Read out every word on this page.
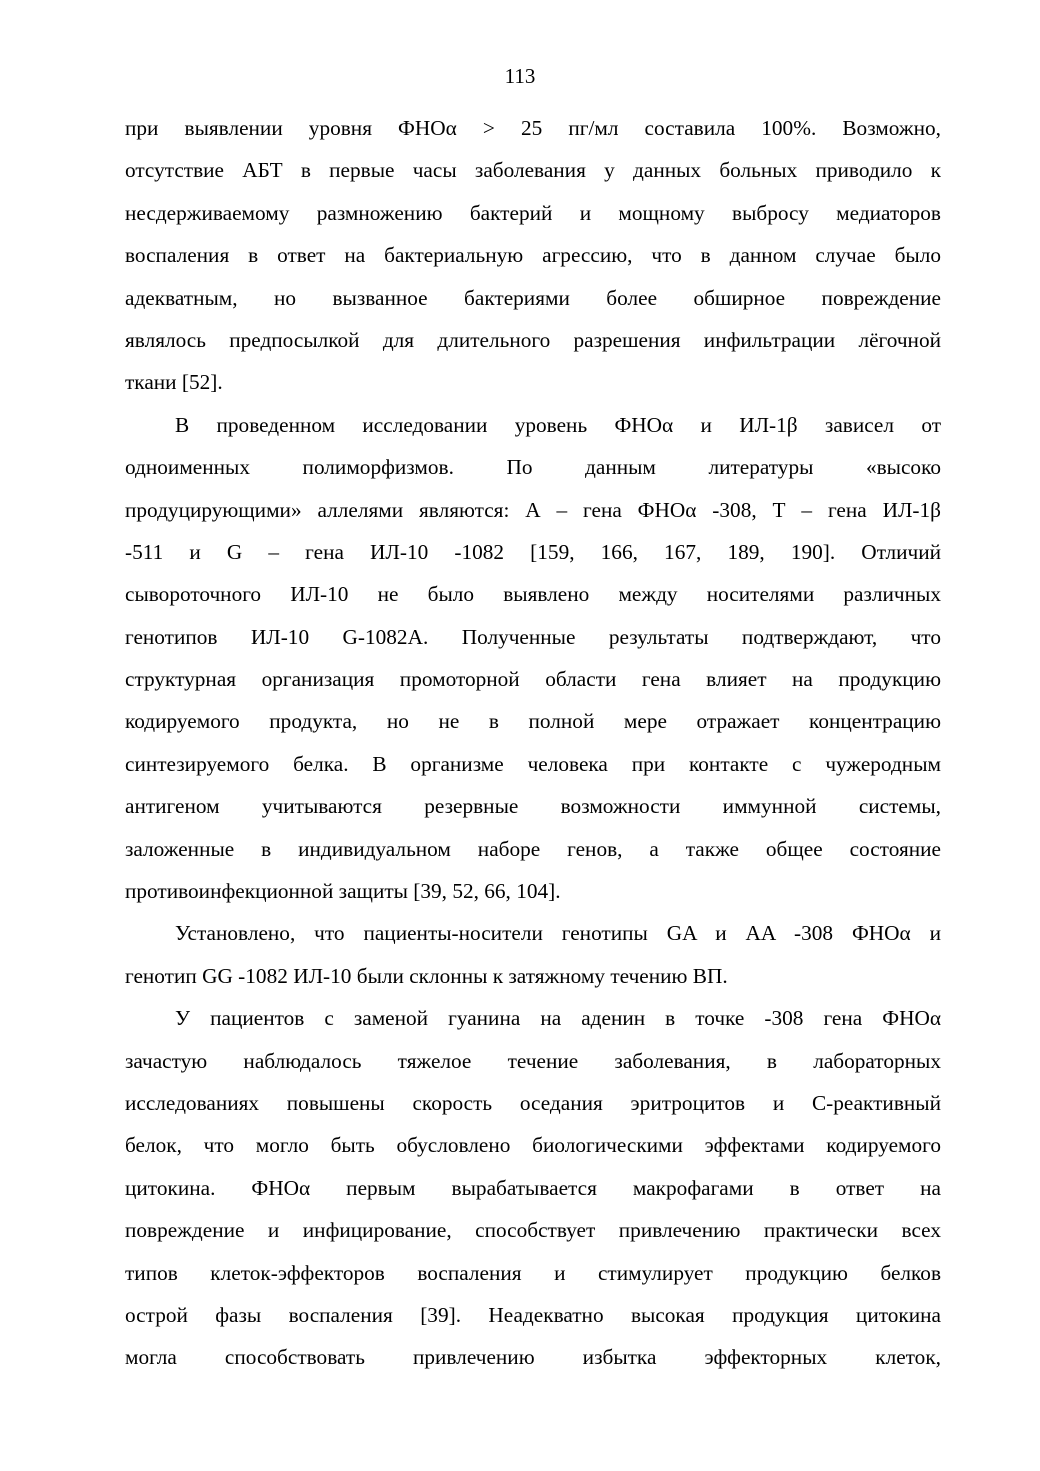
113
при выявлении уровня ФНОα > 25 пг/мл составила 100%. Возможно,
отсутствие АБТ в первые часы заболевания у данных больных приводило к
несдерживаемому размножению бактерий и мощному выбросу медиаторов
воспаления в ответ на бактериальную агрессию, что в данном случае было
адекватным, но вызванное бактериями более обширное повреждение
являлось предпосылкой для длительного разрешения инфильтрации лёгочной
ткани [52].
В проведенном исследовании уровень ФНОα и ИЛ-1β зависел от
одноименных полиморфизмов. По данным литературы «высоко
продуцирующими» аллелями являются: А – гена ФНОα -308, Т – гена ИЛ-1β
-511 и G – гена ИЛ-10 -1082 [159, 166, 167, 189, 190]. Отличий
сывороточного ИЛ-10 не было выявлено между носителями различных
генотипов ИЛ-10 G-1082A. Полученные результаты подтверждают, что
структурная организация промоторной области гена влияет на продукцию
кодируемого продукта, но не в полной мере отражает концентрацию
синтезируемого белка. В организме человека при контакте с чужеродным
антигеном учитываются резервные возможности иммунной системы,
заложенные в индивидуальном наборе генов, а также общее состояние
противоинфекционной защиты [39, 52, 66, 104].
Установлено, что пациенты-носители генотипы GA и AA -308 ФНОα и
генотип GG -1082 ИЛ-10 были склонны к затяжному течению ВП.
У пациентов с заменой гуанина на аденин в точке -308 гена ФНОα
зачастую наблюдалось тяжелое течение заболевания, в лабораторных
исследованиях повышены скорость оседания эритроцитов и С-реактивный
белок, что могло быть обусловлено биологическими эффектами кодируемого
цитокина. ФНОα первым вырабатывается макрофагами в ответ на
повреждение и инфицирование, способствует привлечению практически всех
типов клеток-эффекторов воспаления и стимулирует продукцию белков
острой фазы воспаления [39]. Неадекватно высокая продукция цитокина
могла способствовать привлечению избытка эффекторных клеток,
